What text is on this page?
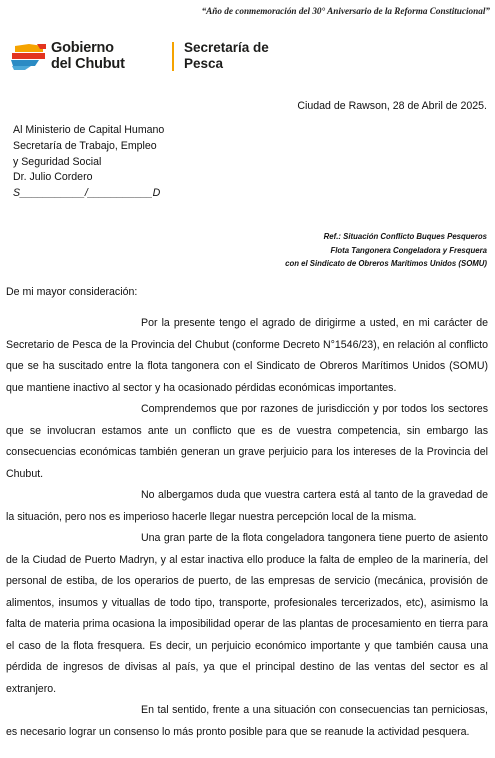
“Año de conmemoración del 30° Aniversario de la Reforma Constitucional”
Gobierno
del Chubut
Secretaría de
Pesca
Ciudad de Rawson, 28 de Abril de 2025.
Al Ministerio de Capital Humano
Secretaría de Trabajo, Empleo
y Seguridad Social
Dr. Julio Cordero
S___________/___________D
Ref.: Situación Conflicto Buques Pesqueros
Flota Tangonera Congeladora y Fresquera
con el Sindicato de Obreros Marítimos Unidos (SOMU)
De mi mayor consideración:

Por la presente tengo el agrado de dirigirme a usted, en mi carácter de Secretario de Pesca de la Provincia del Chubut (conforme Decreto N°1546/23), en relación al conflicto que se ha suscitado entre la flota tangonera con el Sindicato de Obreros Marítimos Unidos (SOMU) que mantiene inactivo al sector y ha ocasionado pérdidas económicas importantes.

Comprendemos que por razones de jurisdicción y por todos los sectores que se involucran estamos ante un conflicto que es de vuestra competencia, sin embargo las consecuencias económicas también generan un grave perjuicio para los intereses de la Provincia del Chubut.

No albergamos duda que vuestra cartera está al tanto de la gravedad de la situación, pero nos es imperioso hacerle llegar nuestra percepción local de la misma.

Una gran parte de la flota congeladora tangonera tiene puerto de asiento de la Ciudad de Puerto Madryn, y al estar inactiva ello produce la falta de empleo de la marinería, del personal de estiba, de los operarios de puerto, de las empresas de servicio (mecánica, provisión de alimentos, insumos y vituallas de todo tipo, transporte, profesionales tercerizados, etc), asimismo la falta de materia prima ocasiona la imposibilidad operar de las plantas de procesamiento en tierra para el caso de la flota fresquera. Es decir, un perjuicio económico importante y que también causa una pérdida de ingresos de divisas al país, ya que el principal destino de las ventas del sector es al extranjero.

En tal sentido, frente a una situación con consecuencias tan perniciosas, es necesario lograr un consenso lo más pronto posible para que se reanude la actividad pesquera.
